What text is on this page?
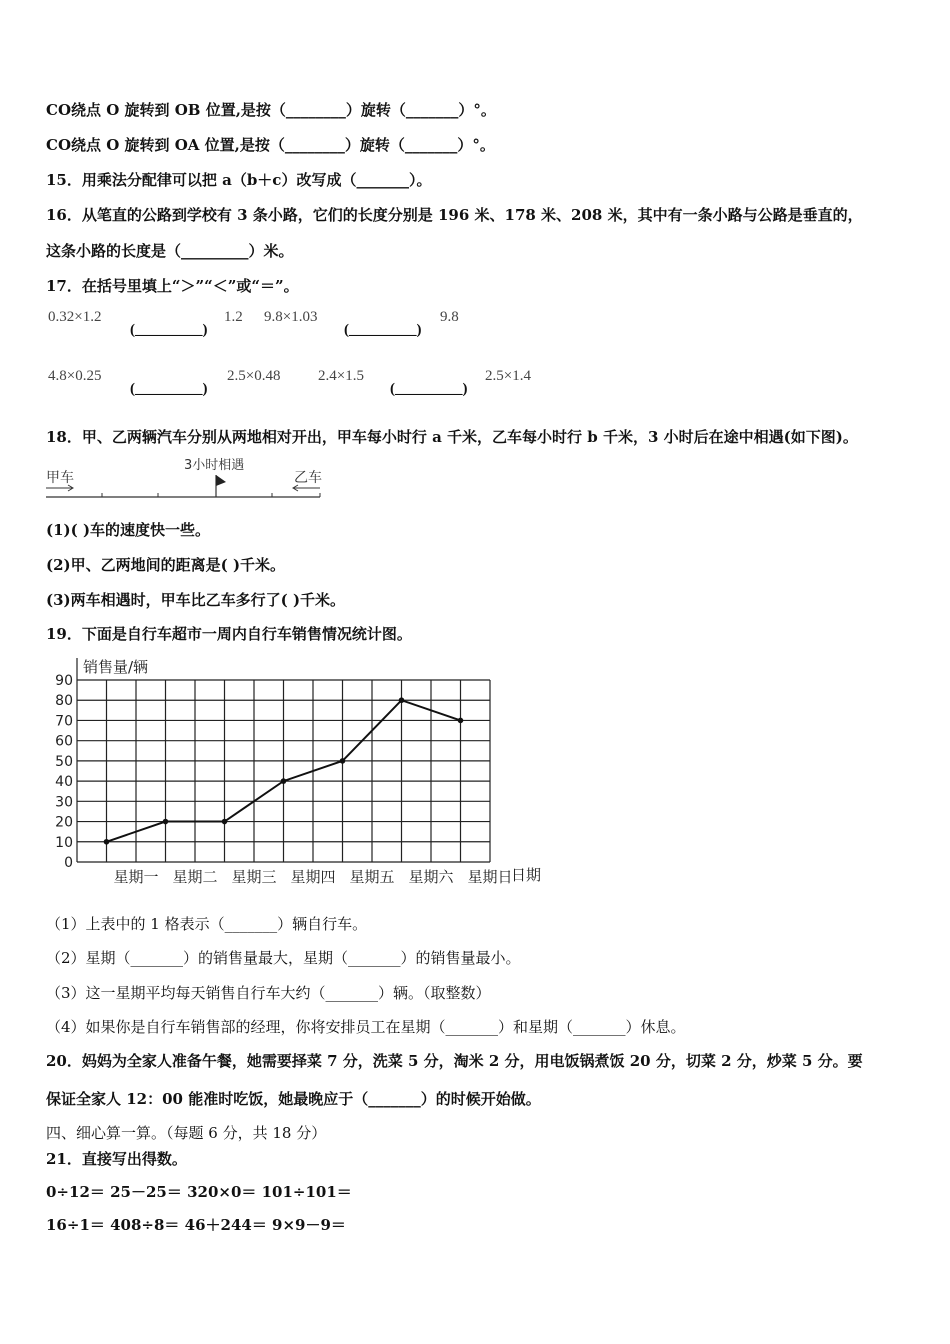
CO绕点 O 旋转到 OB 位置,是按（________）旋转（_______）°。
CO绕点 O 旋转到 OA 位置,是按（________）旋转（_______）°。
15．用乘法分配律可以把 a（b＋c）改写成（_______）。
16．从笔直的公路到学校有 3 条小路，它们的长度分别是 196 米、178 米、208 米，其中有一条小路与公路是垂直的，
这条小路的长度是（_________）米。
17．在括号里填上“＞”“＜”或“＝”。
0.32×1.2
(_________)
1.2 9.8×1.03
(_________)
9.8
4.8×0.25
(_________)
2.5×0.48	2.4×1.5
(_________)
2.5×1.4
18．甲、乙两辆汽车分别从两地相对开出，甲车每小时行 a 千米，乙车每小时行 b 千米，3 小时后在途中相遇(如下图)。
甲车
3小时相遇
乙车
(1)( )车的速度快一些。
(2)甲、乙两地间的距离是( )千米。
(3)两车相遇时，甲车比乙车多行了( )千米。
19．下面是自行车超市一周内自行车销售情况统计图。
0
10
20
30
40
50
60
70
80
90
销售量/辆
星期一 星期二 星期三 星期四 星期五 星期六 星期日
日期
（1）上表中的 1 格表示（_______）辆自行车。
（2）星期（_______）的销售量最大，星期（_______）的销售量最小。
（3）这一星期平均每天销售自行车大约（_______）辆。（取整数）
（4）如果你是自行车销售部的经理，你将安排员工在星期（_______）和星期（_______）休息。
20．妈妈为全家人准备午餐，她需要择菜 7 分，洗菜 5 分，淘米 2 分，用电饭锅煮饭 20 分，切菜 2 分，炒菜 5 分。要
保证全家人 12：00 能准时吃饭，她最晚应于（_______）的时候开始做。
四、细心算一算。（每题 6 分，共 18 分）
21．直接写出得数。
0÷12＝ 25－25＝ 320×0＝ 101÷101＝
16÷1＝ 408÷8＝ 46＋244＝ 9×9－9＝
